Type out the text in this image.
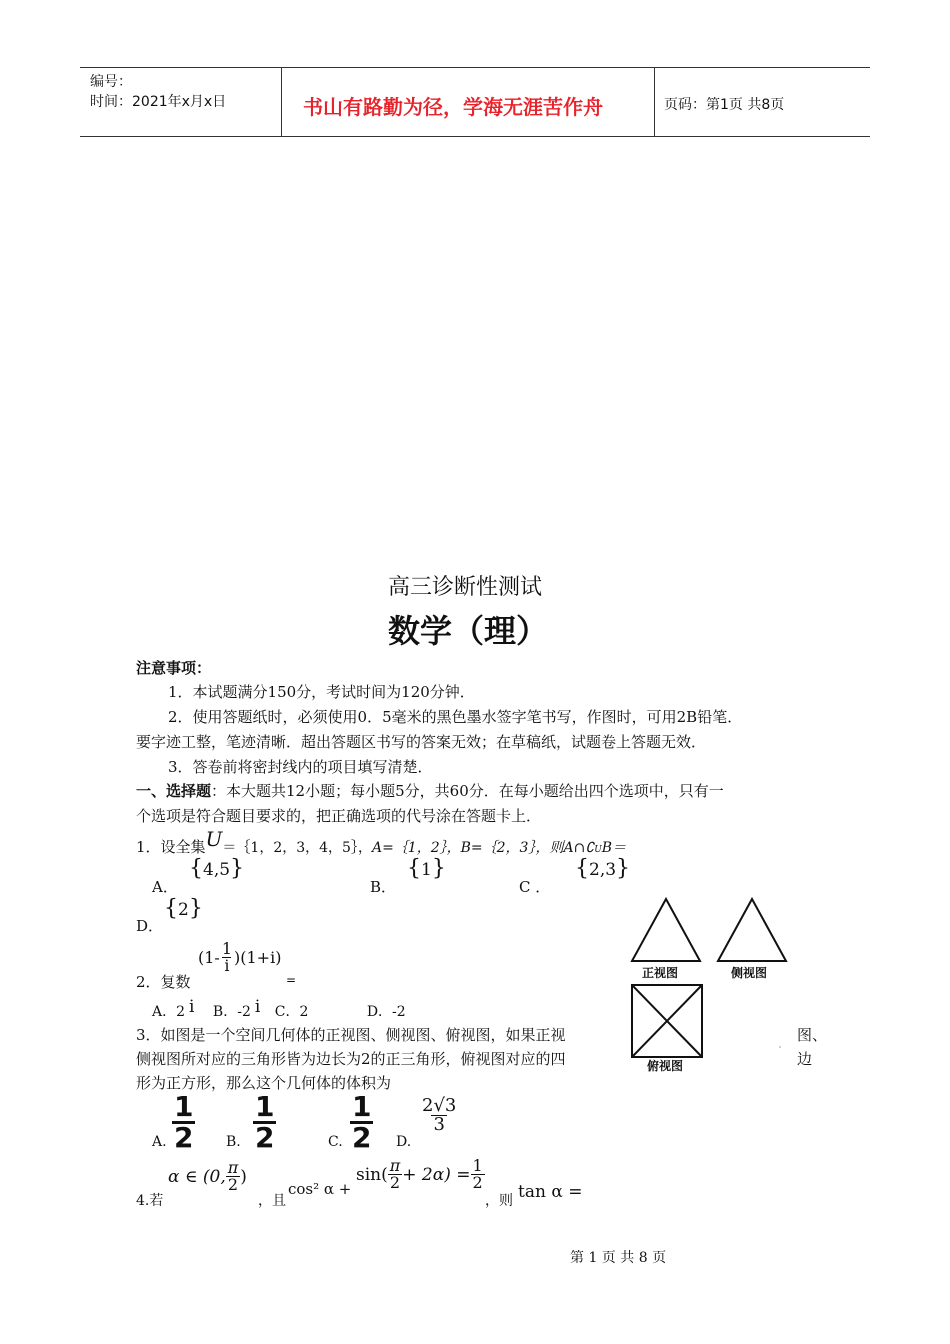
编号：
时间：2021年x月x日	书山有路勤为径，学海无涯苦作舟	页码：第1页 共8页
高三诊断性测试
数学（理）
注意事项：
1．本试题满分150分，考试时间为120分钟．
2．使用答题纸时，必须使用0．5毫米的黑色墨水签字笔书写，作图时，可用2B铅笔．
要字迹工整，笔迹清晰．超出答题区书写的答案无效；在草稿纸，试题卷上答题无效．
3．答卷前将密封线内的项目填写清楚．
一、选择题：本大题共12小题；每小题5分，共60分．在每小题给出四个选项中，只有一
个选项是符合题目要求的，把正确选项的代号涂在答题卡上．
1．设全集U＝｛1，2，3，4，5｝，A=｛1，2｝，B=｛2，3｝，则A∩∁UB＝
A．
{4,5}
B．
{1}
C ．
{2,3}
D．
{2}
正视图	侧视图
俯视图
2．复数
$(1- \frac{1}{i} )(1+i)$
=
A．2 i B．-2 i C．2	D．-2
3．如图是一个空间几何体的正视图、侧视图、俯视图，如果正视	图、
侧视图所对应的三角形皆为边长为2的正三角形，俯视图对应的四	边
形为正方形，那么这个几何体的体积为
A. $\frac{1}{2} B$. $\frac{1}{2}$	C. $\frac{1}{2} D$.
$\frac{2√3}{3}$
4.若
α ∈ (0, $\frac{\pi}{2}$ )
，且
cos² α +
$\sin( \frac{\pi}{2} + 2\alpha) = \frac{1}{2}$
，则 tan α =
第 1 页 共 8 页
